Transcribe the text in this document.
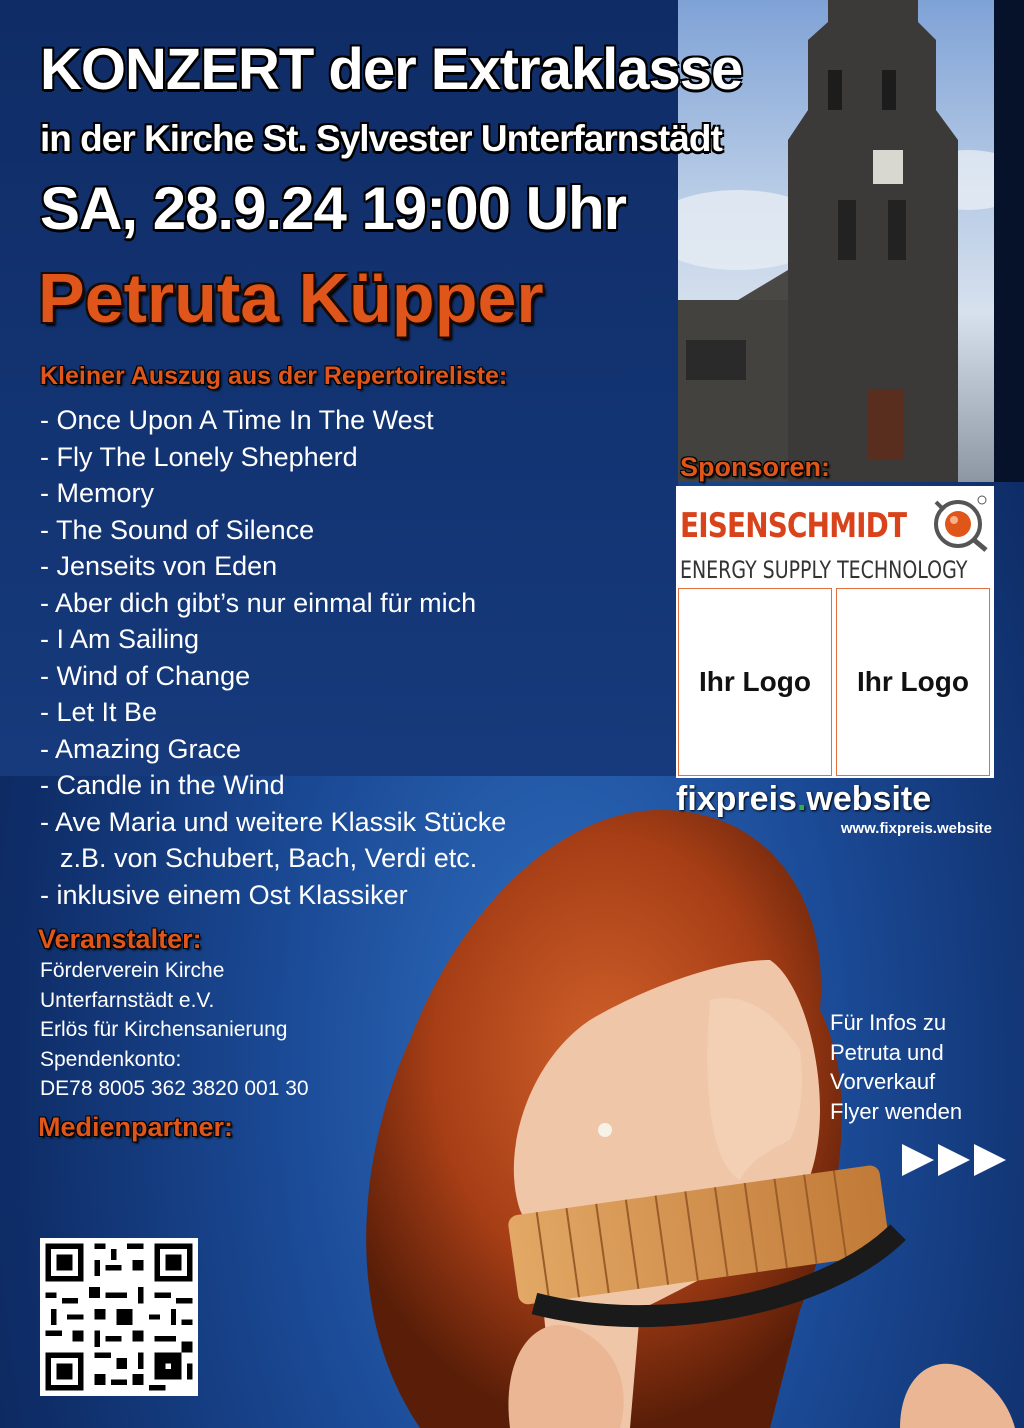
KONZERT der Extraklasse
in der Kirche St. Sylvester Unterfarnstädt
SA, 28.9.24 19:00 Uhr
Petruta Küpper
Kleiner Auszug aus der Repertoireliste:
- Once Upon A Time In The West
- Fly The Lonely Shepherd
- Memory
- The Sound of Silence
- Jenseits von Eden
- Aber dich gibt’s nur einmal für mich
- I Am Sailing
- Wind of Change
- Let It Be
- Amazing Grace
- Candle in the Wind
- Ave Maria und weitere Klassik Stücke
z.B. von Schubert, Bach, Verdi etc.
- inklusive einem Ost Klassiker
Veranstalter:
Förderverein Kirche
Unterfarnstädt e.V.
Erlös für Kirchensanierung
Spendenkonto:
DE78 8005 362 3820 001 30
Medienpartner:
Sponsoren:
EISENSCHMIDT
ENERGY SUPPLY TECHNOLOGY
Ihr Logo	Ihr Logo
fixpreis.website
www.fixpreis.website
Für Infos zu
Petruta und
Vorverkauf
Flyer wenden
